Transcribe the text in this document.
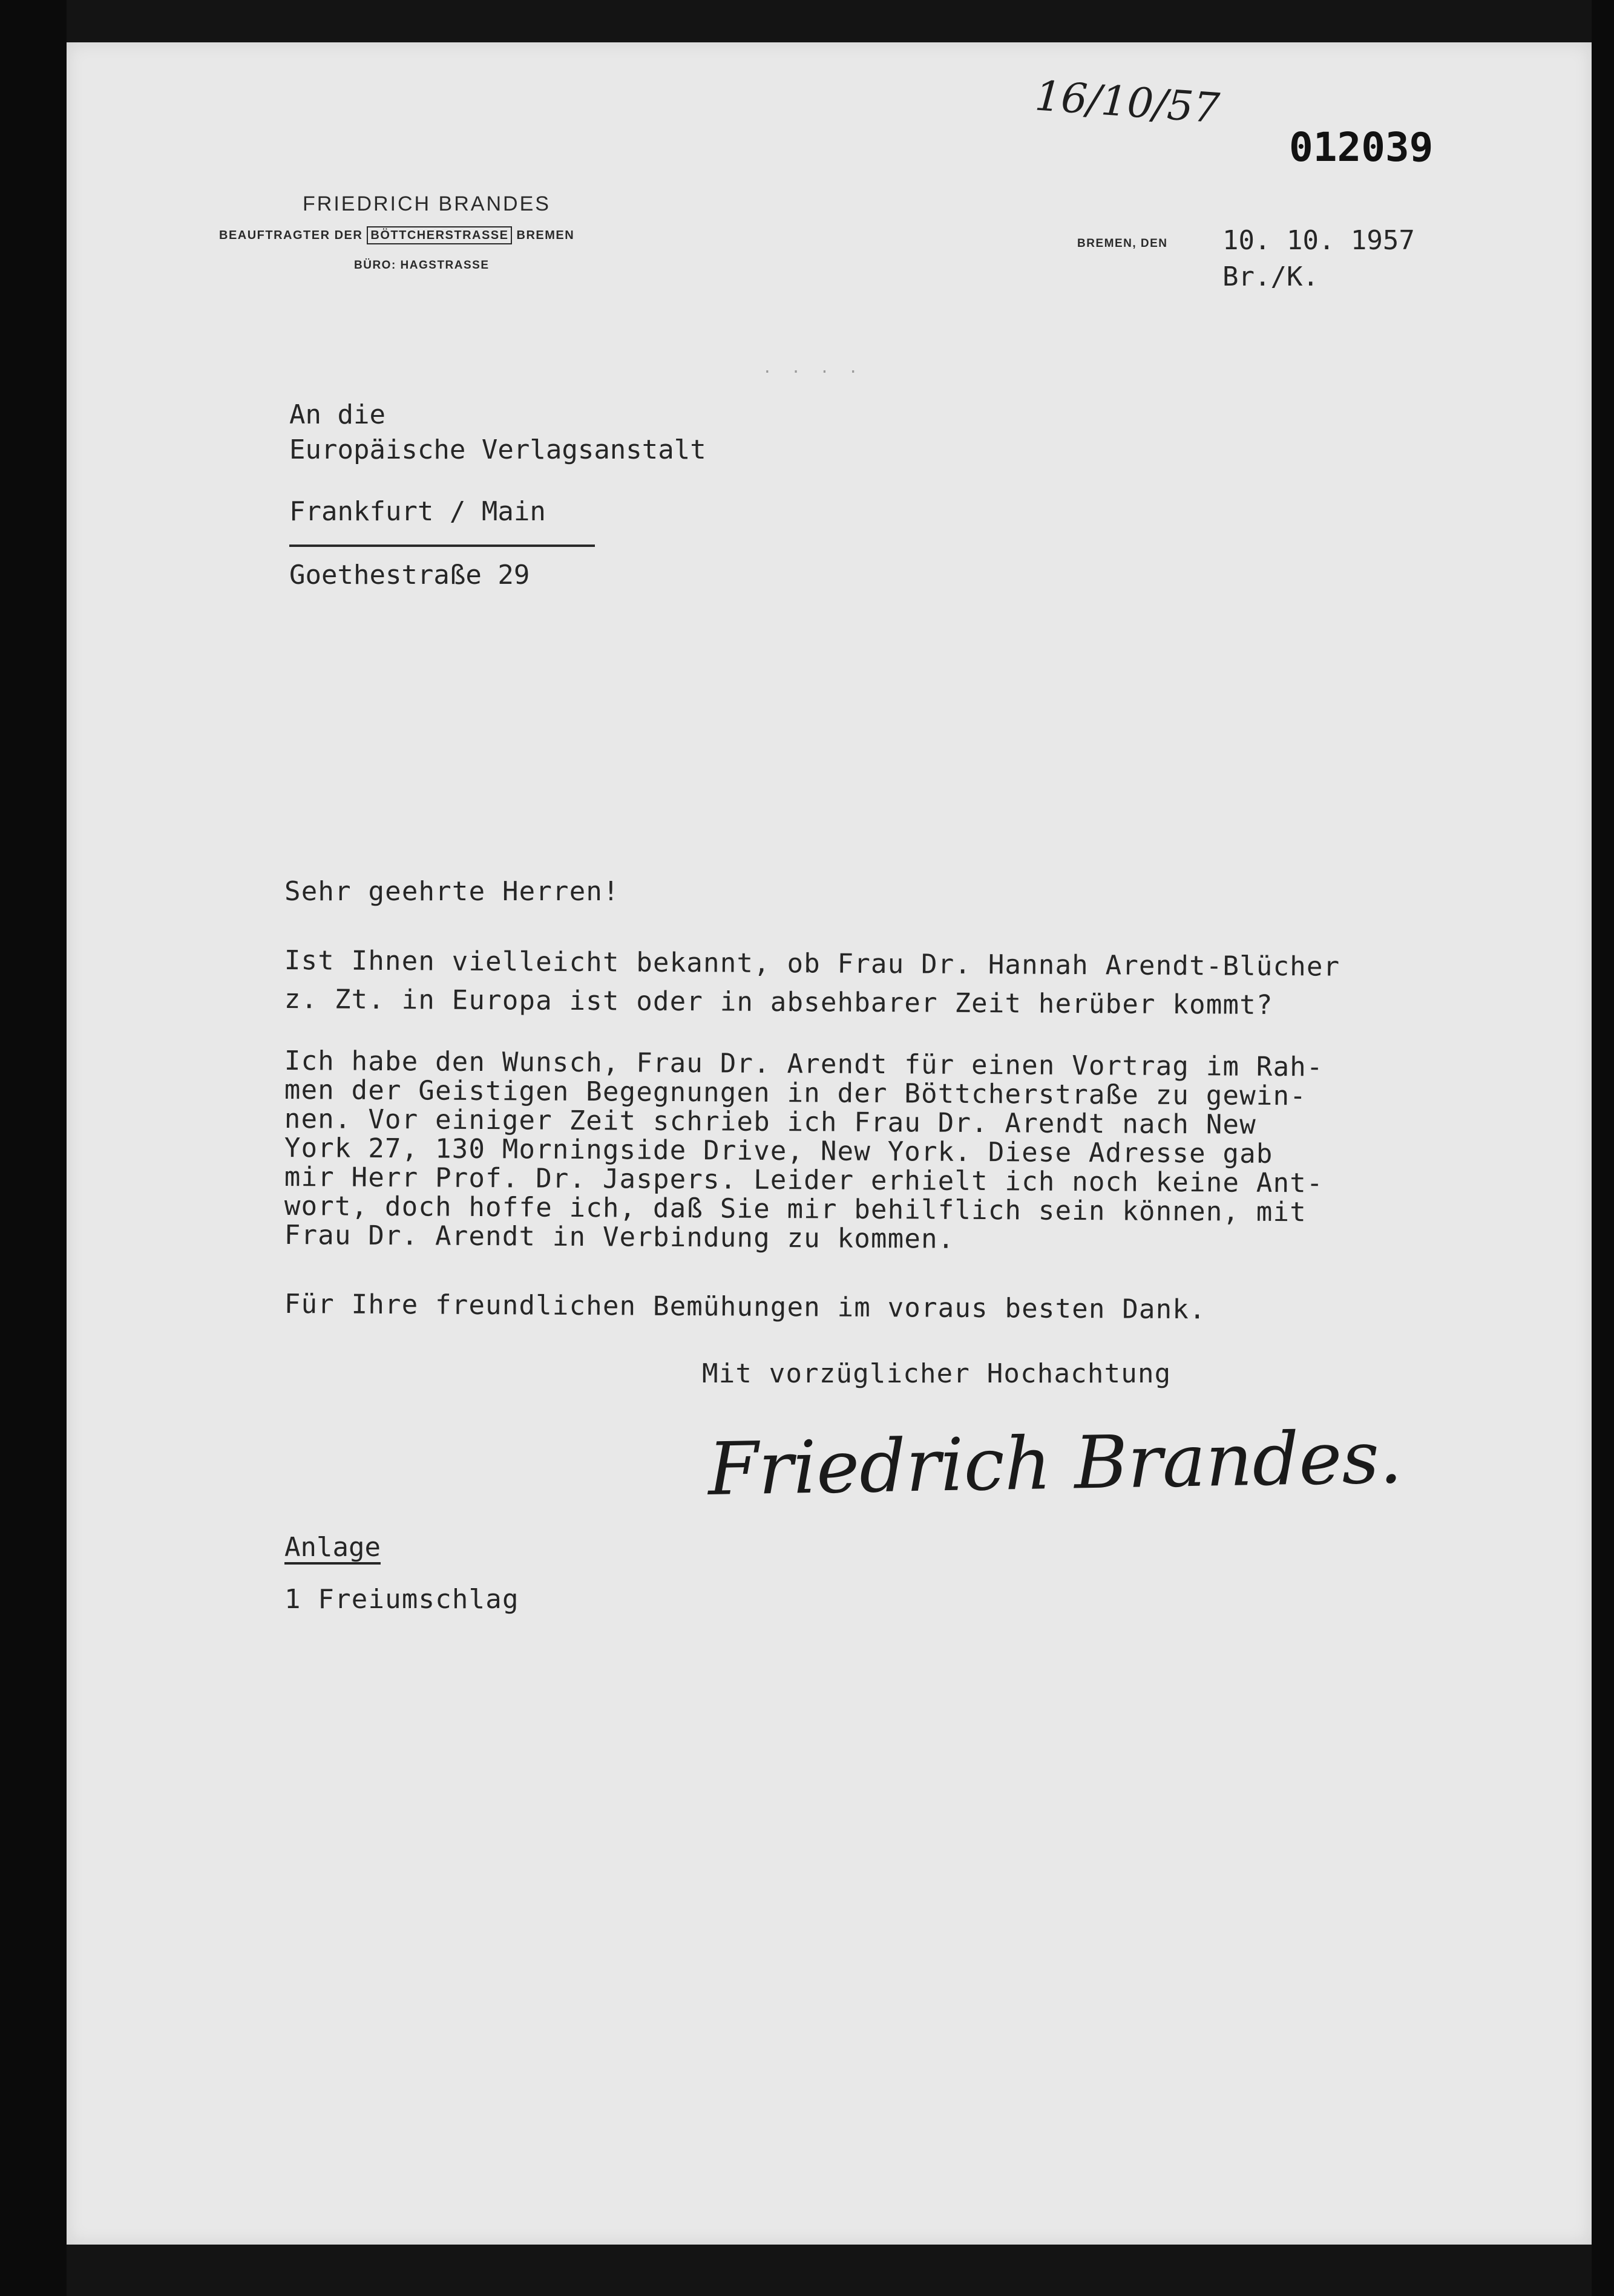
16/10/57
012039
FRIEDRICH BRANDES
BEAUFTRAGTER DER BÖTTCHERSTRASSE BREMEN
BÜRO: HAGSTRASSE
BREMEN, DEN 10. 10. 1957
Br./K.
· · · ·
An die
Europäische Verlagsanstalt
Frankfurt / Main
Goethestraße 29
Sehr geehrte Herren!
Ist Ihnen vielleicht bekannt, ob Frau Dr. Hannah Arendt-Blücher
z. Zt. in Europa ist oder in absehbarer Zeit herüber kommt?
Ich habe den Wunsch, Frau Dr. Arendt für einen Vortrag im Rah-
men der Geistigen Begegnungen in der Böttcherstraße zu gewin-
nen. Vor einiger Zeit schrieb ich Frau Dr. Arendt nach New
York 27, 130 Morningside Drive, New York. Diese Adresse gab
mir Herr Prof. Dr. Jaspers. Leider erhielt ich noch keine Ant-
wort, doch hoffe ich, daß Sie mir behilflich sein können, mit
Frau Dr. Arendt in Verbindung zu kommen.
Für Ihre freundlichen Bemühungen im voraus besten Dank.
Mit vorzüglicher Hochachtung
Friedrich Brandes.
Anlage
1 Freiumschlag
